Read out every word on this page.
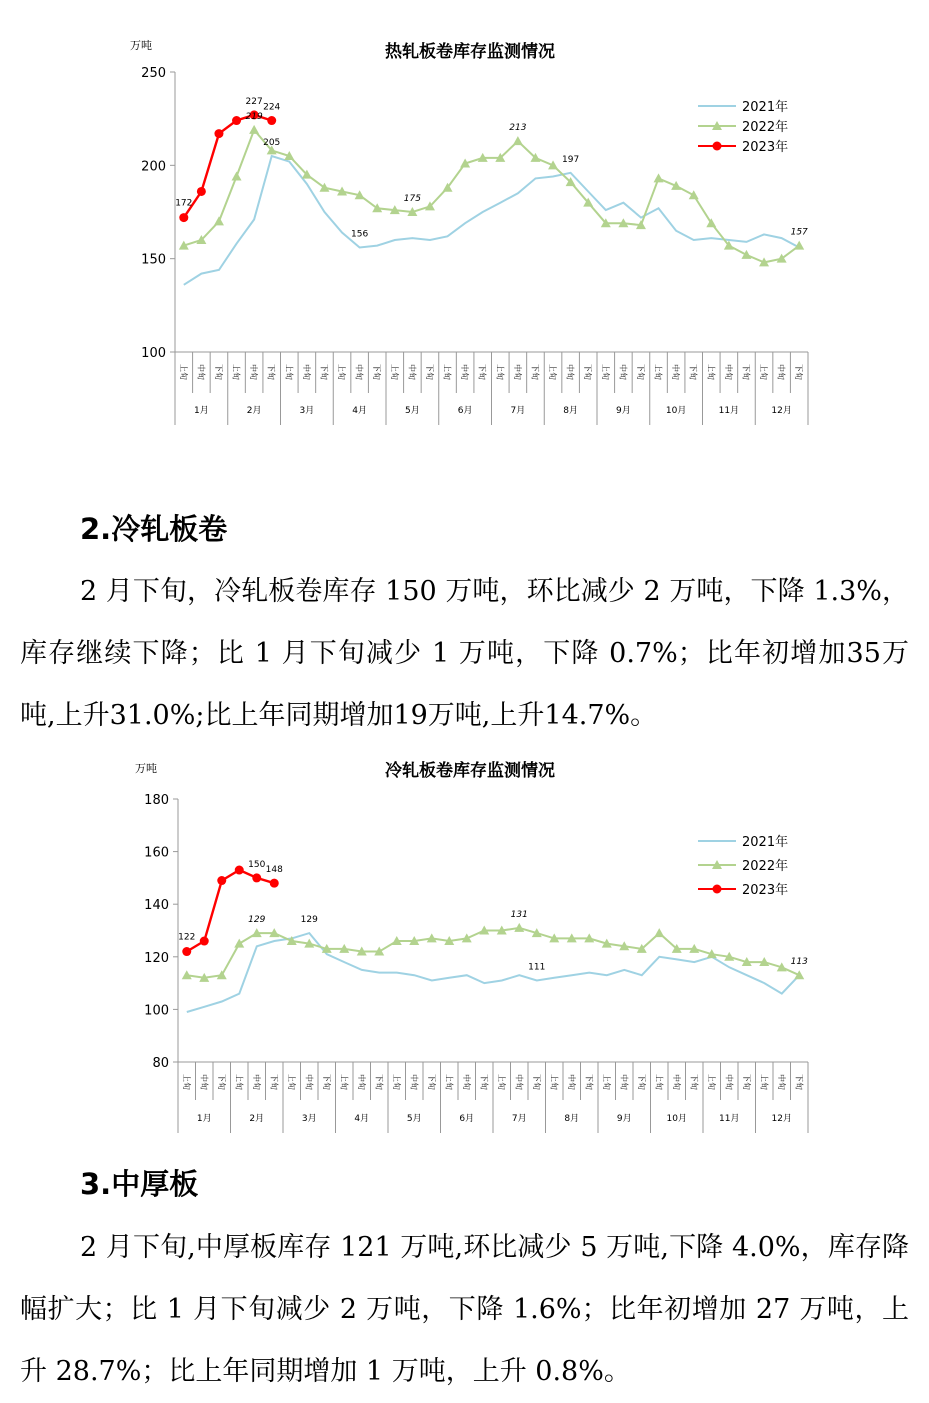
热轧板卷库存监测情况
万吨
100
150
200
250
上旬 中旬 下旬 上旬 中旬 下旬 上旬 中旬 下旬 上旬 中旬 下旬 上旬 中旬 下旬 上旬 中旬 下旬 上旬 中旬 下旬 上旬 中旬 下旬 上旬 中旬 下旬 上旬 中旬 下旬 上旬 中旬 下旬 上旬 中旬 下旬
1月	2月	3月	4月	5月	6月	7月	8月	9月	10月	11月	12月
172
227
224
219
205
156
175
213
197
157
2021年
2022年
2023年
2.冷轧板卷

2 月下旬，冷轧板卷库存 150 万吨，环比减少 2 万吨，下降 1.3%，库存继续下降；比 1 月下旬减少 1 万吨，下降 0.7%；比年初增加35万吨,上升31.0%;比上年同期增加19万吨,上升14.7%。

冷轧板卷库存监测情况
万吨
80
100
120
140
160
180
上旬 中旬 下旬 上旬 中旬 下旬 上旬 中旬 下旬 上旬 中旬 下旬 上旬 中旬 下旬 上旬 中旬 下旬 上旬 中旬 下旬 上旬 中旬 下旬 上旬 中旬 下旬 上旬 中旬 下旬 上旬 中旬 下旬 上旬 中旬 下旬
1月	2月	3月	4月	5月	6月	7月	8月	9月	10月	11月	12月
122
150
148
129	129
131
111
113
2021年
2022年
2023年
3.中厚板

2 月下旬,中厚板库存 121 万吨,环比减少 5 万吨,下降 4.0%，库存降幅扩大；比 1 月下旬减少 2 万吨，下降 1.6%；比年初增加 27 万吨，上升 28.7%；比上年同期增加 1 万吨，上升 0.8%。
